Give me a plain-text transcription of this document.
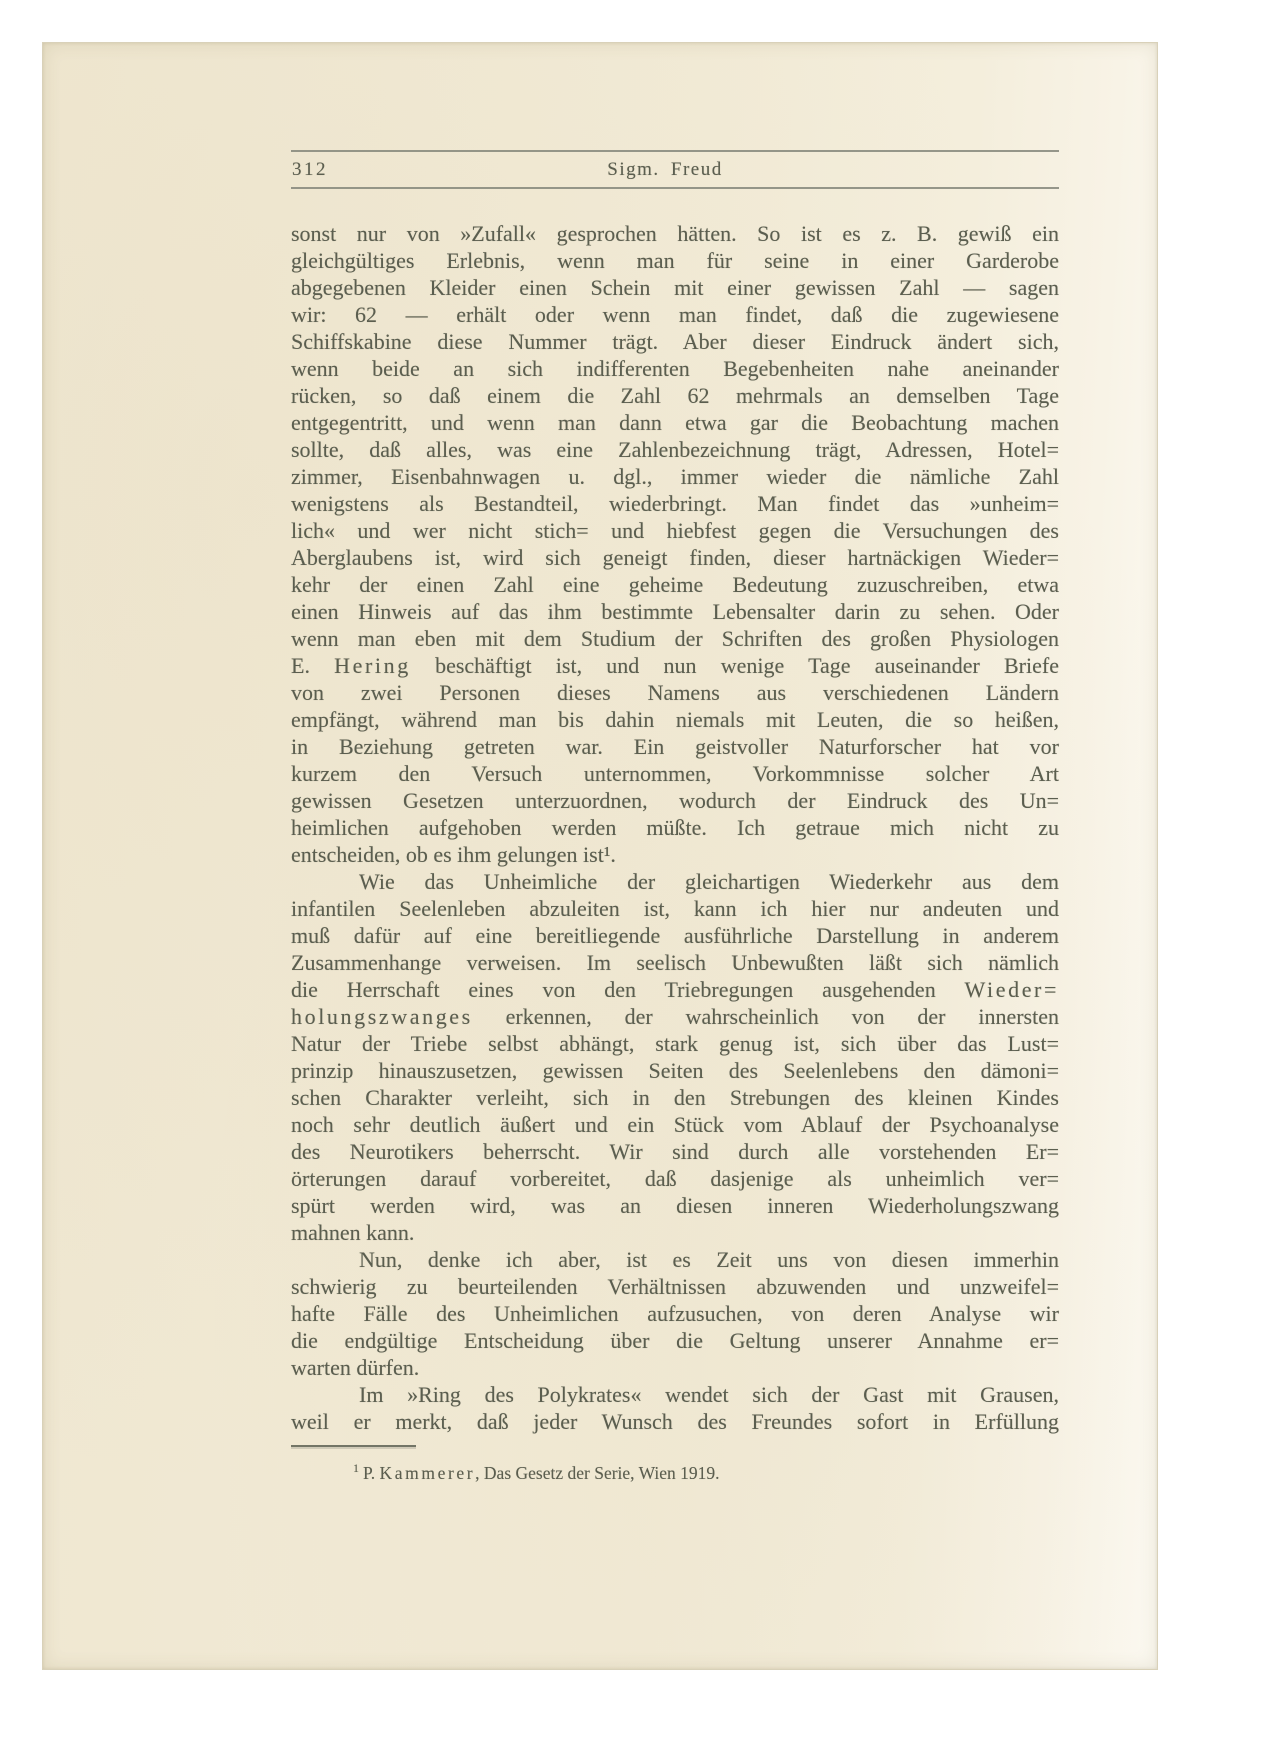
312	Sigm. Freud
sonst nur von »Zufall« gesprochen hätten. So ist es z. B. gewiß ein
gleichgültiges Erlebnis, wenn man für seine in einer Garderobe
abgegebenen Kleider einen Schein mit einer gewissen Zahl — sagen
wir: 62 — erhält oder wenn man findet, daß die zugewiesene
Schiffskabine diese Nummer trägt. Aber dieser Eindruck ändert sich,
wenn beide an sich indifferenten Begebenheiten nahe aneinander
rücken, so daß einem die Zahl 62 mehrmals an demselben Tage
entgegentritt, und wenn man dann etwa gar die Beobachtung machen
sollte, daß alles, was eine Zahlenbezeichnung trägt, Adressen, Hotel=
zimmer, Eisenbahnwagen u. dgl., immer wieder die nämliche Zahl
wenigstens als Bestandteil, wiederbringt. Man findet das »unheim=
lich« und wer nicht stich= und hiebfest gegen die Versuchungen des
Aberglaubens ist, wird sich geneigt finden, dieser hartnäckigen Wieder=
kehr der einen Zahl eine geheime Bedeutung zuzuschreiben, etwa
einen Hinweis auf das ihm bestimmte Lebensalter darin zu sehen. Oder
wenn man eben mit dem Studium der Schriften des großen Physiologen
E. Hering beschäftigt ist, und nun wenige Tage auseinander Briefe
von zwei Personen dieses Namens aus verschiedenen Ländern
empfängt, während man bis dahin niemals mit Leuten, die so heißen,
in Beziehung getreten war. Ein geistvoller Naturforscher hat vor
kurzem den Versuch unternommen, Vorkommnisse solcher Art
gewissen Gesetzen unterzuordnen, wodurch der Eindruck des Un=
heimlichen aufgehoben werden müßte. Ich getraue mich nicht zu
entscheiden, ob es ihm gelungen ist¹.
Wie das Unheimliche der gleichartigen Wiederkehr aus dem
infantilen Seelenleben abzuleiten ist, kann ich hier nur andeuten und
muß dafür auf eine bereitliegende ausführliche Darstellung in anderem
Zusammenhange verweisen. Im seelisch Unbewußten läßt sich nämlich
die Herrschaft eines von den Triebregungen ausgehenden Wieder=
holungszwanges erkennen, der wahrscheinlich von der innersten
Natur der Triebe selbst abhängt, stark genug ist, sich über das Lust=
prinzip hinauszusetzen, gewissen Seiten des Seelenlebens den dämoni=
schen Charakter verleiht, sich in den Strebungen des kleinen Kindes
noch sehr deutlich äußert und ein Stück vom Ablauf der Psychoanalyse
des Neurotikers beherrscht. Wir sind durch alle vorstehenden Er=
örterungen darauf vorbereitet, daß dasjenige als unheimlich ver=
spürt werden wird, was an diesen inneren Wiederholungszwang
mahnen kann.
Nun, denke ich aber, ist es Zeit uns von diesen immerhin
schwierig zu beurteilenden Verhältnissen abzuwenden und unzweifel=
hafte Fälle des Unheimlichen aufzusuchen, von deren Analyse wir
die endgültige Entscheidung über die Geltung unserer Annahme er=
warten dürfen.
Im »Ring des Polykrates« wendet sich der Gast mit Grausen,
weil er merkt, daß jeder Wunsch des Freundes sofort in Erfüllung
$^1$ P. Kammerer, Das Gesetz der Serie, Wien 1919.
